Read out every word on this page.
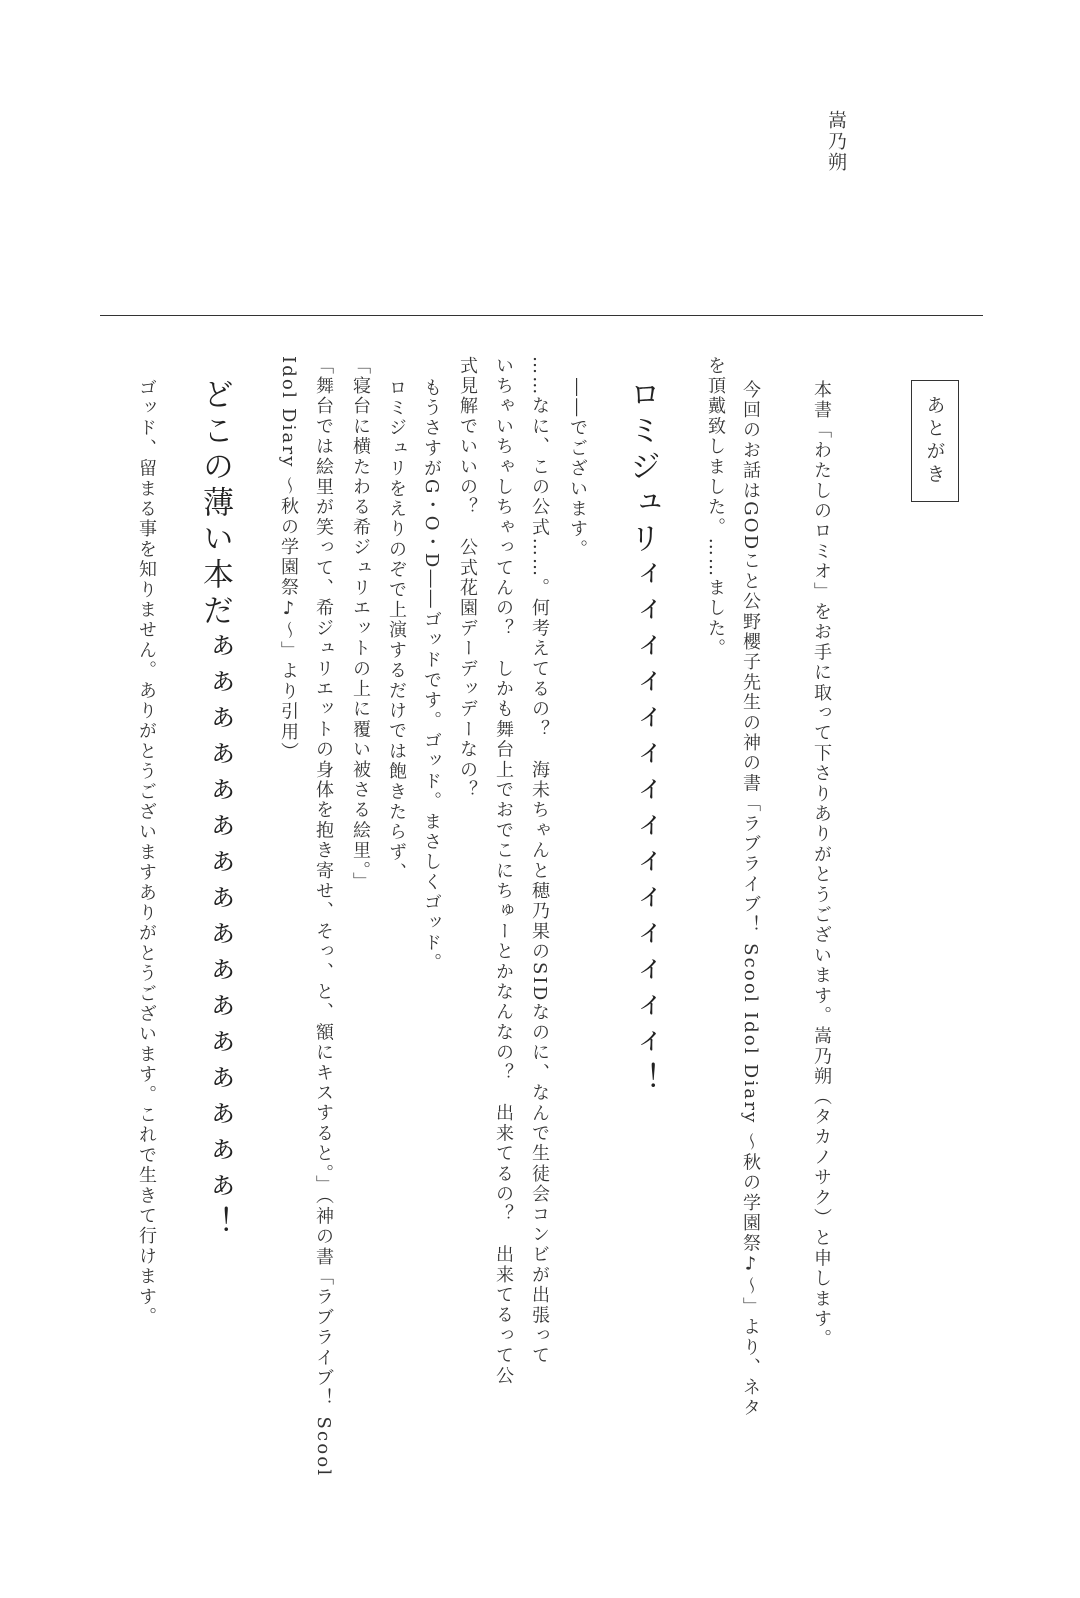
嵩乃朔
あとがき
本書「わたしのロミオ」をお手に取って下さりありがとうございます。嵩乃朔（タカノサク）と申します。
今回のお話はGODこと公野櫻子先生の神の書「ラブライブ！ Scool Idol Diary ～秋の学園祭♪～」より、ネタ
を頂戴致しました。……ました。
ロミジュリィィィィィィィィィィィィィィ！
――でございます。
……なに、この公式……。何考えてるの？　海未ちゃんと穂乃果のSIDなのに、なんで生徒会コンビが出張って
いちゃいちゃしちゃってんの？　しかも舞台上でおでこにちゅーとかなんなの？　出来てるの？　出来てるって公
式見解でいいの？　公式花園デーデッデーなの？
もうさすがG・O・D――ゴッドです。ゴッド。まさしくゴッド。
ロミジュリをえりのぞで上演するだけでは飽きたらず、
「寝台に横たわる希ジュリエットの上に覆い被さる絵里。」
「舞台では絵里が笑って、希ジュリエットの身体を抱き寄せ、そっ、と、額にキスすると。」（神の書「ラブライブ！ Scool
Idol Diary ～秋の学園祭♪～」より引用）
どこの薄い本だぁぁぁぁぁぁぁぁぁぁぁぁぁぁぁぁ！
ゴッド、留まる事を知りません。ありがとうございますありがとうございます。これで生きて行けます。
